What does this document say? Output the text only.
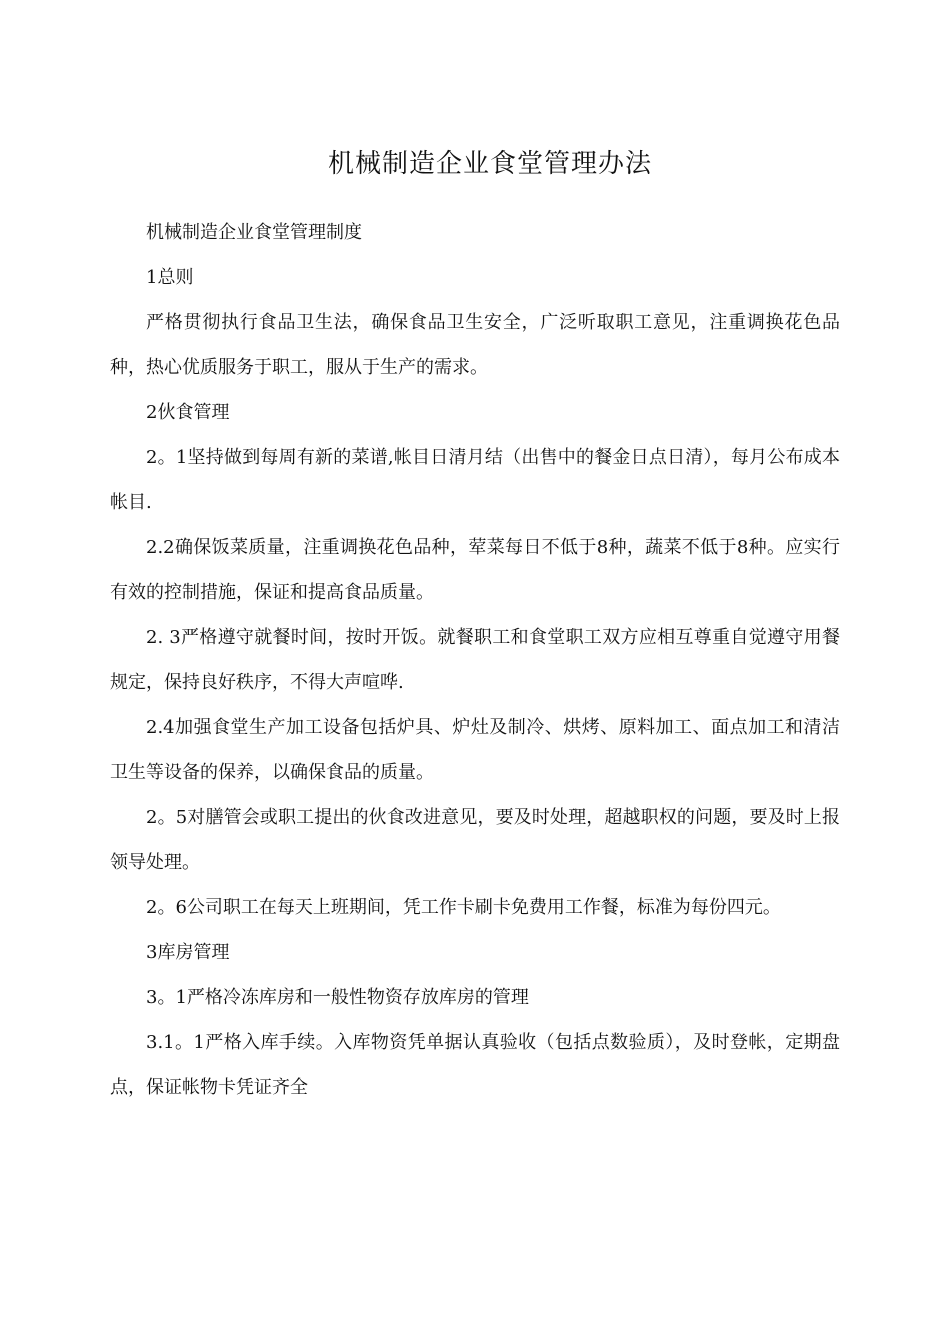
机械制造企业食堂管理办法

机械制造企业食堂管理制度

1总则

严格贯彻执行食品卫生法，确保食品卫生安全，广泛听取职工意见，注重调换花色品种，热心优质服务于职工，服从于生产的需求。

2伙食管理

2。1坚持做到每周有新的菜谱,帐目日清月结（出售中的餐金日点日清），每月公布成本帐目.

2.2确保饭菜质量，注重调换花色品种，荤菜每日不低于8种，蔬菜不低于8种。应实行有效的控制措施，保证和提高食品质量。

2. 3严格遵守就餐时间，按时开饭。就餐职工和食堂职工双方应相互尊重自觉遵守用餐规定，保持良好秩序，不得大声喧哗.

2.4加强食堂生产加工设备包括炉具、炉灶及制冷、烘烤、原料加工、面点加工和清洁卫生等设备的保养，以确保食品的质量。

2。5对膳管会或职工提出的伙食改进意见，要及时处理，超越职权的问题，要及时上报领导处理。

2。6公司职工在每天上班期间，凭工作卡刷卡免费用工作餐，标准为每份四元。

3库房管理

3。1严格冷冻库房和一般性物资存放库房的管理

3.1。1严格入库手续。入库物资凭单据认真验收（包括点数验质），及时登帐，定期盘点，保证帐物卡凭证齐全
